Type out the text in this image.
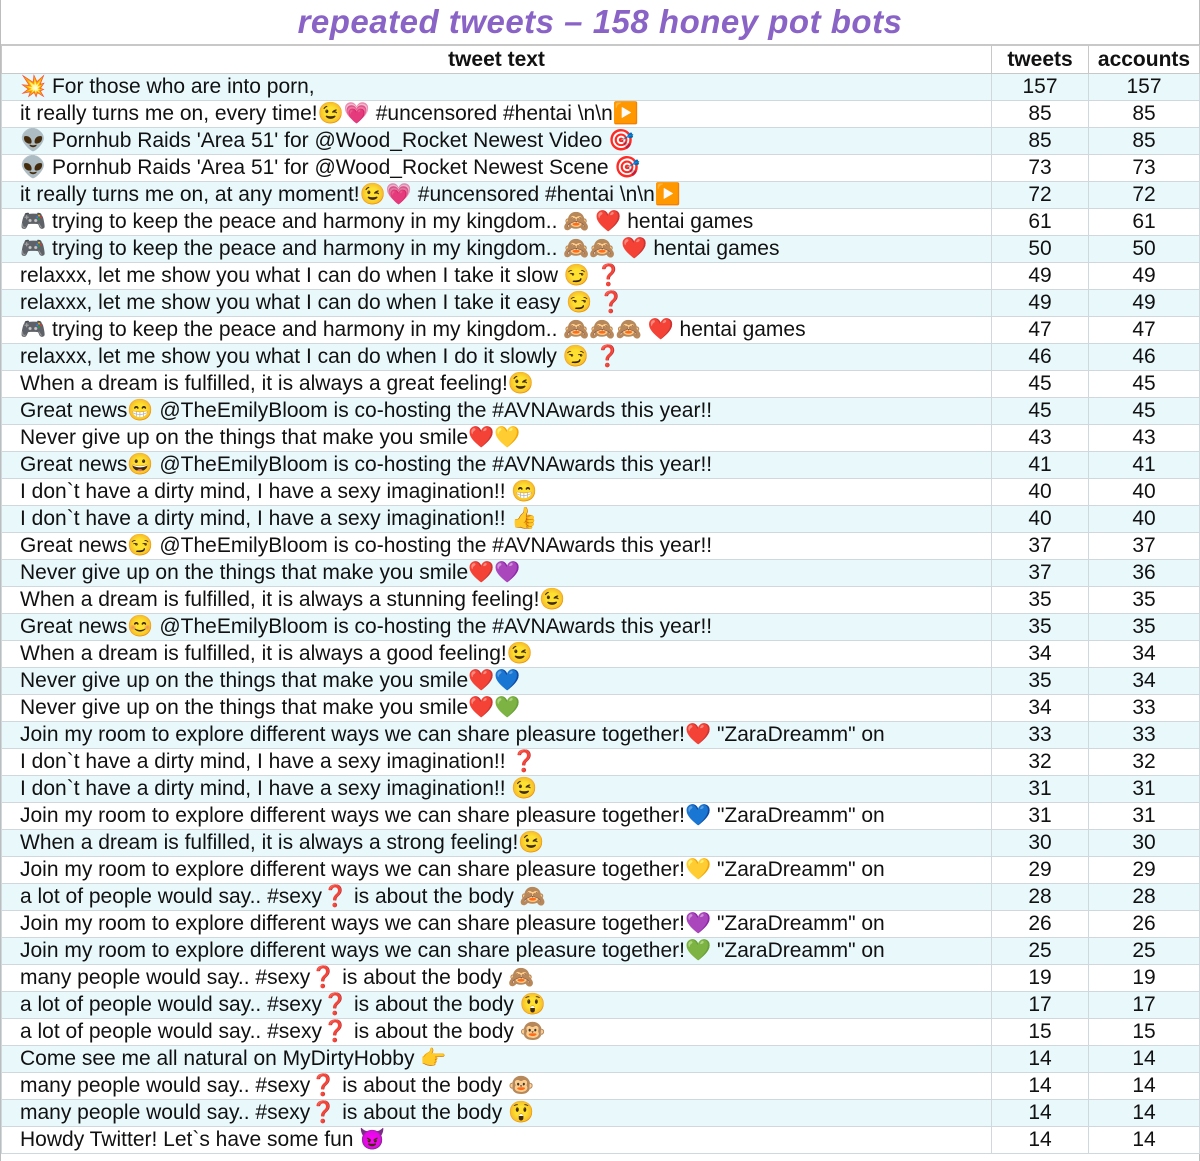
repeated tweets – 158 honey pot bots
tweet text	tweets	accounts
💥 For those who are into porn,	157	157
it really turns me on, every time!😉💗 #uncensored #hentai \n\n▶️	85	85
👽 Pornhub Raids 'Area 51' for @Wood_Rocket Newest Video 🎯	85	85
👽 Pornhub Raids 'Area 51' for @Wood_Rocket Newest Scene 🎯	73	73
it really turns me on, at any moment!😉💗 #uncensored #hentai \n\n▶️	72	72
🎮 trying to keep the peace and harmony in my kingdom.. 🙈 ❤️ hentai games	61	61
🎮 trying to keep the peace and harmony in my kingdom.. 🙈🙈 ❤️ hentai games	50	50
relaxxx, let me show you what I can do when I take it slow 😏 ❓	49	49
relaxxx, let me show you what I can do when I take it easy 😏 ❓	49	49
🎮 trying to keep the peace and harmony in my kingdom.. 🙈🙈🙈 ❤️ hentai games	47	47
relaxxx, let me show you what I can do when I do it slowly 😏 ❓	46	46
When a dream is fulfilled, it is always a great feeling!😉	45	45
Great news😁 @TheEmilyBloom is co-hosting the #AVNAwards this year!!	45	45
Never give up on the things that make you smile❤️💛	43	43
Great news😀 @TheEmilyBloom is co-hosting the #AVNAwards this year!!	41	41
I don`t have a dirty mind, I have a sexy imagination!! 😁	40	40
I don`t have a dirty mind, I have a sexy imagination!! 👍	40	40
Great news😏 @TheEmilyBloom is co-hosting the #AVNAwards this year!!	37	37
Never give up on the things that make you smile❤️💜	37	36
When a dream is fulfilled, it is always a stunning feeling!😉	35	35
Great news😊 @TheEmilyBloom is co-hosting the #AVNAwards this year!!	35	35
When a dream is fulfilled, it is always a good feeling!😉	34	34
Never give up on the things that make you smile❤️💙	35	34
Never give up on the things that make you smile❤️💚	34	33
Join my room to explore different ways we can share pleasure together!❤️ "ZaraDreamm" on	33	33
I don`t have a dirty mind, I have a sexy imagination!! ❓	32	32
I don`t have a dirty mind, I have a sexy imagination!! 😉	31	31
Join my room to explore different ways we can share pleasure together!💙 "ZaraDreamm" on	31	31
When a dream is fulfilled, it is always a strong feeling!😉	30	30
Join my room to explore different ways we can share pleasure together!💛 "ZaraDreamm" on	29	29
a lot of people would say.. #sexy❓ is about the body 🙈	28	28
Join my room to explore different ways we can share pleasure together!💜 "ZaraDreamm" on	26	26
Join my room to explore different ways we can share pleasure together!💚 "ZaraDreamm" on	25	25
many people would say.. #sexy❓ is about the body 🙈	19	19
a lot of people would say.. #sexy❓ is about the body 😲	17	17
a lot of people would say.. #sexy❓ is about the body 🐵	15	15
Come see me all natural on MyDirtyHobby 👉	14	14
many people would say.. #sexy❓ is about the body 🐵	14	14
many people would say.. #sexy❓ is about the body 😲	14	14
Howdy Twitter! Let`s have some fun 😈	14	14
